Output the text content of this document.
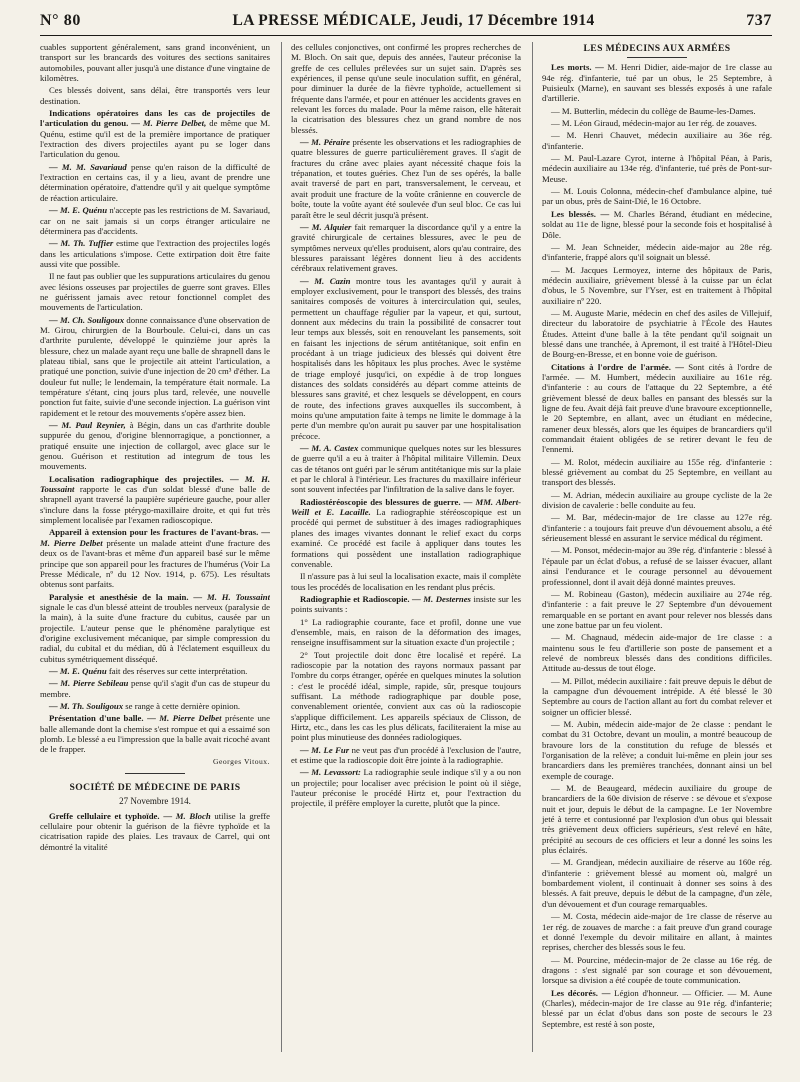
N° 80	LA PRESSE MÉDICALE, Jeudi, 17 Décembre 1914	737

cuables supportent généralement, sans grand inconvénient, un transport sur les brancards des voitures des sections sanitaires automobiles, pouvant aller jusqu'à une distance d'une vingtaine de kilomètres.

Ces blessés doivent, sans délai, être transportés vers leur destination.

Indications opératoires dans les cas de projectiles de l'articulation du genou. — M. Pierre Delbet, de même que M. Quénu, estime qu'il est de la première importance de pratiquer l'extraction des divers projectiles ayant pu se loger dans l'articulation du genou.

— M. M. Savariaud pense qu'en raison de la difficulté de l'extraction en certains cas, il y a lieu, avant de prendre une détermination opératoire, d'attendre qu'il y ait quelque symptôme de réaction articulaire.

— M. E. Quénu n'accepte pas les restrictions de M. Savariaud, car on ne sait jamais si un corps étranger articulaire ne déterminera pas d'accidents.

— M. Th. Tuffier estime que l'extraction des projectiles logés dans les articulations s'impose. Cette extirpation doit être faite aussi vite que possible.

Il ne faut pas oublier que les suppurations articulaires du genou avec lésions osseuses par projectiles de guerre sont graves. Elles ne guérissent jamais avec retour fonctionnel complet des mouvements de l'articulation.

— M. Ch. Souligoux donne connaissance d'une observation de M. Girou, chirurgien de la Bourboule. Celui-ci, dans un cas d'arthrite purulente, développé le quinzième jour après la blessure, chez un malade ayant reçu une balle de shrapnell dans le plateau tibial, sans que le projectile ait atteint l'articulation, a pratiqué une ponction, suivie d'une injection de 20 cm³ d'éther. La douleur fut nulle; le lendemain, la température était normale. La température s'étant, cinq jours plus tard, relevée, une nouvelle ponction fut faite, suivie d'une seconde injection. La guérison vint rapidement et le retour des mouvements s'opère assez bien.

— M. Paul Reynier, à Bégin, dans un cas d'arthrite double suppurée du genou, d'origine blennorragique, a ponctionner, a pratiqué ensuite une injection de collargol, avec glace sur le genou. Guérison et restitution ad integrum de tous les mouvements.

Localisation radiographique des projectiles. — M. H. Toussaint rapporte le cas d'un soldat blessé d'une balle de shrapnell ayant traversé la paupière supérieure gauche, pour aller s'inclure dans la fosse ptérygo-maxillaire droite, et qui fut très simplement localisée par l'examen radioscopique.

Appareil à extension pour les fractures de l'avant-bras. — M. Pierre Delbet présente un malade atteint d'une fracture des deux os de l'avant-bras et même d'un appareil basé sur le même principe que son appareil pour les fractures de l'humérus (Voir La Presse Médicale, nº du 12 Nov. 1914, p. 675). Les résultats obtenus sont parfaits.

Paralysie et anesthésie de la main. — M. H. Toussaint signale le cas d'un blessé atteint de troubles nerveux (paralysie de la main), à la suite d'une fracture du cubitus, causée par un projectile. L'auteur pense que le phénomène paralytique est d'origine exclusivement mécanique, par simple compression du radial, du cubital et du médian, dû à l'éclatement esquilleux du cubitus symétriquement disséqué.

— M. E. Quénu fait des réserves sur cette interprétation.

— M. Pierre Sebileau pense qu'il s'agit d'un cas de stupeur du membre.

— M. Th. Souligoux se range à cette dernière opinion.

Présentation d'une balle. — M. Pierre Delbet présente une balle allemande dont la chemise s'est rompue et qui a essaimé son plomb. Le blessé a eu l'impression que la balle avait ricoché avant de le frapper.

Georges Vitoux.
SOCIÉTÉ DE MÉDECINE DE PARIS
27 Novembre 1914.

Greffe cellulaire et typhoïde. — M. Bloch utilise la greffe cellulaire pour obtenir la guérison de la fièvre typhoïde et la cicatrisation rapide des plaies. Les travaux de Carrel, qui ont démontré la vitalité

des cellules conjonctives, ont confirmé les propres recherches de M. Bloch. On sait que, depuis des années, l'auteur préconise la greffe de ces cellules prélevées sur un sujet sain. D'après ses expériences, il pense qu'une seule inoculation suffit, en général, pour diminuer la durée de la fièvre typhoïde, actuellement si fréquente dans l'armée, et pour en atténuer les accidents graves en relevant les forces du malade. Pour la même raison, elle hâterait la cicatrisation des blessures chez un grand nombre de nos blessés.

— M. Péraire présente les observations et les radiographies de quatre blessures de guerre particulièrement graves. Il s'agit de fractures du crâne avec plaies ayant nécessité chaque fois la trépanation, et toutes guéries. Chez l'un de ses opérés, la balle avait traversé de part en part, transversalement, le cerveau, et avait produit une fracture de la voûte crânienne en couvercle de boîte, toute la voûte ayant été soulevée d'un seul bloc. Ce cas lui paraît être le seul décrit jusqu'à présent.

— M. Alquier fait remarquer la discordance qu'il y a entre la gravité chirurgicale de certaines blessures, avec le peu de symptômes nerveux qu'elles produisent, alors qu'au contraire, des blessures paraissant légères donnent lieu à des accidents cérébraux relativement graves.

— M. Cazin montre tous les avantages qu'il y aurait à employer exclusivement, pour le transport des blessés, des trains sanitaires composés de voitures à intercirculation qui, seules, permettent un chauffage régulier par la vapeur, et qui, surtout, donnent aux médecins du train la possibilité de consacrer tout leur temps aux blessés, soit en renouvelant les pansements, soit en faisant les injections de sérum antitétanique, soit enfin en procédant à un triage judicieux des blessés qui doivent être hospitalisés dans les hôpitaux les plus proches. Avec le système de triage employé jusqu'ici, on expédie à de trop longues distances des soldats considérés au départ comme atteints de blessures sans gravité, et chez lesquels se développent, en cours de route, des infections graves auxquelles ils succombent, à moins qu'une amputation faite à temps ne limite le dommage à la perte d'un membre qu'on aurait pu sauver par une hospitalisation précoce.

— M. A. Castex communique quelques notes sur les blessures de guerre qu'il a eu à traiter à l'hôpital militaire Villemin. Deux cas de tétanos ont guéri par le sérum antitétanique mis sur la plaie et par le chloral à l'intérieur. Les fractures du maxillaire inférieur sont souvent infectées par l'infiltration de la salive dans le foyer.

Radiostéréoscopie des blessures de guerre. — MM. Albert-Weill et E. Lacaille. La radiographie stéréoscopique est un procédé qui permet de substituer à des images radiographiques planes des images vivantes donnant le relief exact du corps examiné. Ce procédé est facile à appliquer dans toutes les formations qui possèdent une installation radiographique convenable.

Il n'assure pas à lui seul la localisation exacte, mais il complète tous les procédés de localisation en les rendant plus précis.

Radiographie et Radioscopie. — M. Desternes insiste sur les points suivants :

1° La radiographie courante, face et profil, donne une vue d'ensemble, mais, en raison de la déformation des images, renseigne insuffisamment sur la situation exacte d'un projectile ;

2° Tout projectile doit donc être localisé et repéré. La radioscopie par la notation des rayons normaux passant par l'ombre du corps étranger, opérée en quelques minutes la solution : c'est le procédé idéal, simple, rapide, sûr, presque toujours suffisant. La méthode radiographique par double pose, convenablement orientée, convient aux cas où la radioscopie s'applique difficilement. Les appareils spéciaux de Clisson, de Hirtz, etc., dans les cas les plus délicats, faciliteraient la mise au point plus minutieuse des données radiologiques.

— M. Le Fur ne veut pas d'un procédé à l'exclusion de l'autre, et estime que la radioscopie doit être jointe à la radiographie.

— M. Levassort: La radiographie seule indique s'il y a ou non un projectile; pour localiser avec précision le point où il siège, l'auteur préconise le procédé Hirtz et, pour l'extraction du projectile, il préfère employer la curette, plutôt que la pince.

LES MÉDECINS AUX ARMÉES

Les morts. — M. Henri Didier, aide-major de 1re classe au 94e rég. d'infanterie, tué par un obus, le 25 Septembre, à Puisieulx (Marne), en sauvant ses blessés exposés à une rafale d'artillerie.

— M. Butterlin, médecin du collège de Baume-les-Dames.

— M. Léon Giraud, médecin-major au 1er rég. de zouaves.

— M. Henri Chauvet, médecin auxiliaire au 36e rég. d'infanterie.

— M. Paul-Lazare Cyrot, interne à l'hôpital Péan, à Paris, médecin auxiliaire au 134e rég. d'infanterie, tué près de Pont-sur-Meuse.

— M. Louis Colonna, médecin-chef d'ambulance alpine, tué par un obus, près de Saint-Dié, le 16 Octobre.

Les blessés. — M. Charles Bérand, étudiant en médecine, soldat au 11e de ligne, blessé pour la seconde fois et hospitalisé à Dôle.

— M. Jean Schneider, médecin aide-major au 28e rég. d'infanterie, frappé alors qu'il soignait un blessé.

— M. Jacques Lermoyez, interne des hôpitaux de Paris, médecin auxiliaire, grièvement blessé à la cuisse par un éclat d'obus, le 5 Novembre, sur l'Yser, est en traitement à l'hôpital auxiliaire nº 220.

— M. Auguste Marie, médecin en chef des asiles de Villejuif, directeur du laboratoire de psychiatrie à l'École des Hautes Études. Atteint d'une balle à la tête pendant qu'il soignait un blessé dans une tranchée, à Apremont, il est traité à l'Hôtel-Dieu de Bourg-en-Bresse, et en bonne voie de guérison.

Citations à l'ordre de l'armée. — Sont cités à l'ordre de l'armée. — M. Humbert, médecin auxiliaire au 161e rég. d'infanterie : au cours de l'attaque du 22 Septembre, a été grièvement blessé de deux balles en pansant des blessés sur la ligne de feu. Avait déjà fait preuve d'une bravoure exceptionnelle, le 20 Septembre, en allant, avec un étudiant en médecine, ramener deux blessés, alors que les équipes de brancardiers qu'il commandait étaient obligées de se retirer devant le feu de l'ennemi.

— M. Rolot, médecin auxiliaire au 155e rég. d'infanterie : blessé grièvement au combat du 25 Septembre, en veillant au transport des blessés.

— M. Adrian, médecin auxiliaire au groupe cycliste de la 2e division de cavalerie : belle conduite au feu.

— M. Bar, médecin-major de 1re classe au 127e rég. d'infanterie : a toujours fait preuve d'un dévouement absolu, a été sérieusement blessé en assurant le service médical du régiment.

— M. Ponsot, médecin-major au 39e rég. d'infanterie : blessé à l'épaule par un éclat d'obus, a refusé de se laisser évacuer, allant ainsi l'endurance et le courage personnel au dévouement professionnel, dont il avait déjà donné maintes preuves.

— M. Robineau (Gaston), médecin auxiliaire au 274e rég. d'infanterie : a fait preuve le 27 Septembre d'un dévouement remarquable en se portant en avant pour relever nos blessés dans une zone battue par un feu violent.

— M. Chagnaud, médecin aide-major de 1re classe : a maintenu sous le feu d'artillerie son poste de pansement et a relevé de nombreux blessés dans des conditions difficiles. Attitude au-dessus de tout éloge.

— M. Pillot, médecin auxiliaire : fait preuve depuis le début de la campagne d'un dévouement intrépide. A été blessé le 30 Septembre au cours de l'action allant au fort du combat relever et soigner un officier blessé.

— M. Aubin, médecin aide-major de 2e classe : pendant le combat du 31 Octobre, devant un moulin, a montré beaucoup de bravoure lors de la constitution du refuge de blessés et l'organisation de la relève; a conduit lui-même en plein jour ses brancardiers dans les premières tranchées, donnant ainsi un bel exemple de courage.

— M. de Beaugeard, médecin auxiliaire du groupe de brancardiers de la 60e division de réserve : se dévoue et s'expose nuit et jour, depuis le début de la campagne. Le 1er Novembre jeté à terre et contusionné par l'explosion d'un obus qui blessait très grièvement deux officiers supérieurs, s'est relevé en hâte, précipité au secours de ces officiers et leur a donné les soins les plus éclairés.

— M. Grandjean, médecin auxiliaire de réserve au 160e rég. d'infanterie : grièvement blessé au moment où, malgré un bombardement violent, il continuait à donner ses soins à des blessés. A fait preuve, depuis le début de la campagne, d'un zèle, d'un dévouement et d'un courage remarquables.

— M. Costa, médecin aide-major de 1re classe de réserve au 1er rég. de zouaves de marche : a fait preuve d'un grand courage et donné l'exemple du devoir militaire en allant, à maintes reprises, chercher des blessés sous le feu.

— M. Pourcine, médecin-major de 2e classe au 16e rég. de dragons : s'est signalé par son courage et son dévouement, lorsque sa division a été coupée de toute communication.

Les décorés. — Légion d'honneur. — Officier. — M. Aune (Charles), médecin-major de 1re classe au 91e rég. d'infanterie; blessé par un éclat d'obus dans son poste de secours le 23 Septembre, est resté à son poste,
